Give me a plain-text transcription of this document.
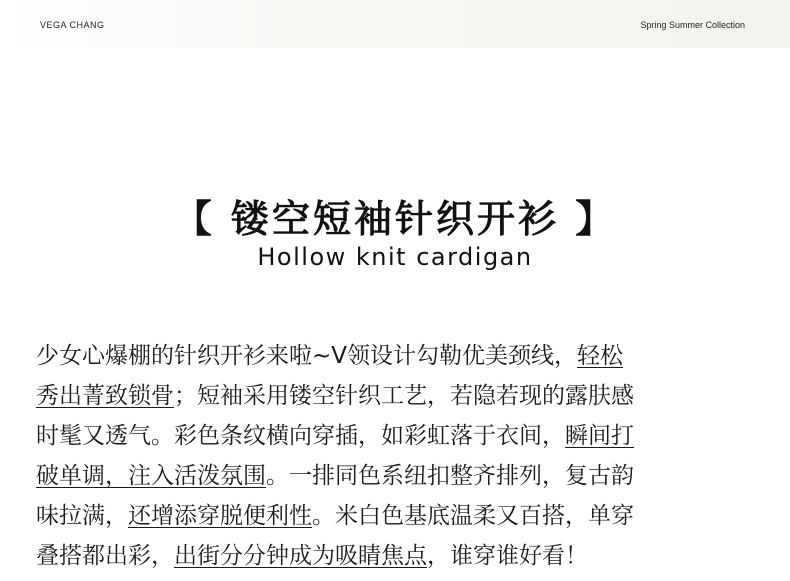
VEGA CHANG	Spring Summer Collection
【 镂空短袖针织开衫 】
Hollow knit cardigan
少女心爆棚的针织开衫来啦~V领设计勾勒优美颈线，轻松
秀出菁致锁骨；短袖采用镂空针织工艺，若隐若现的露肤感
时髦又透气。彩色条纹横向穿插，如彩虹落于衣间，瞬间打
破单调，注入活泼氛围。一排同色系纽扣整齐排列，复古韵
味拉满，还增添穿脱便利性。米白色基底温柔又百搭，单穿
叠搭都出彩，出街分分钟成为吸睛焦点，谁穿谁好看！
